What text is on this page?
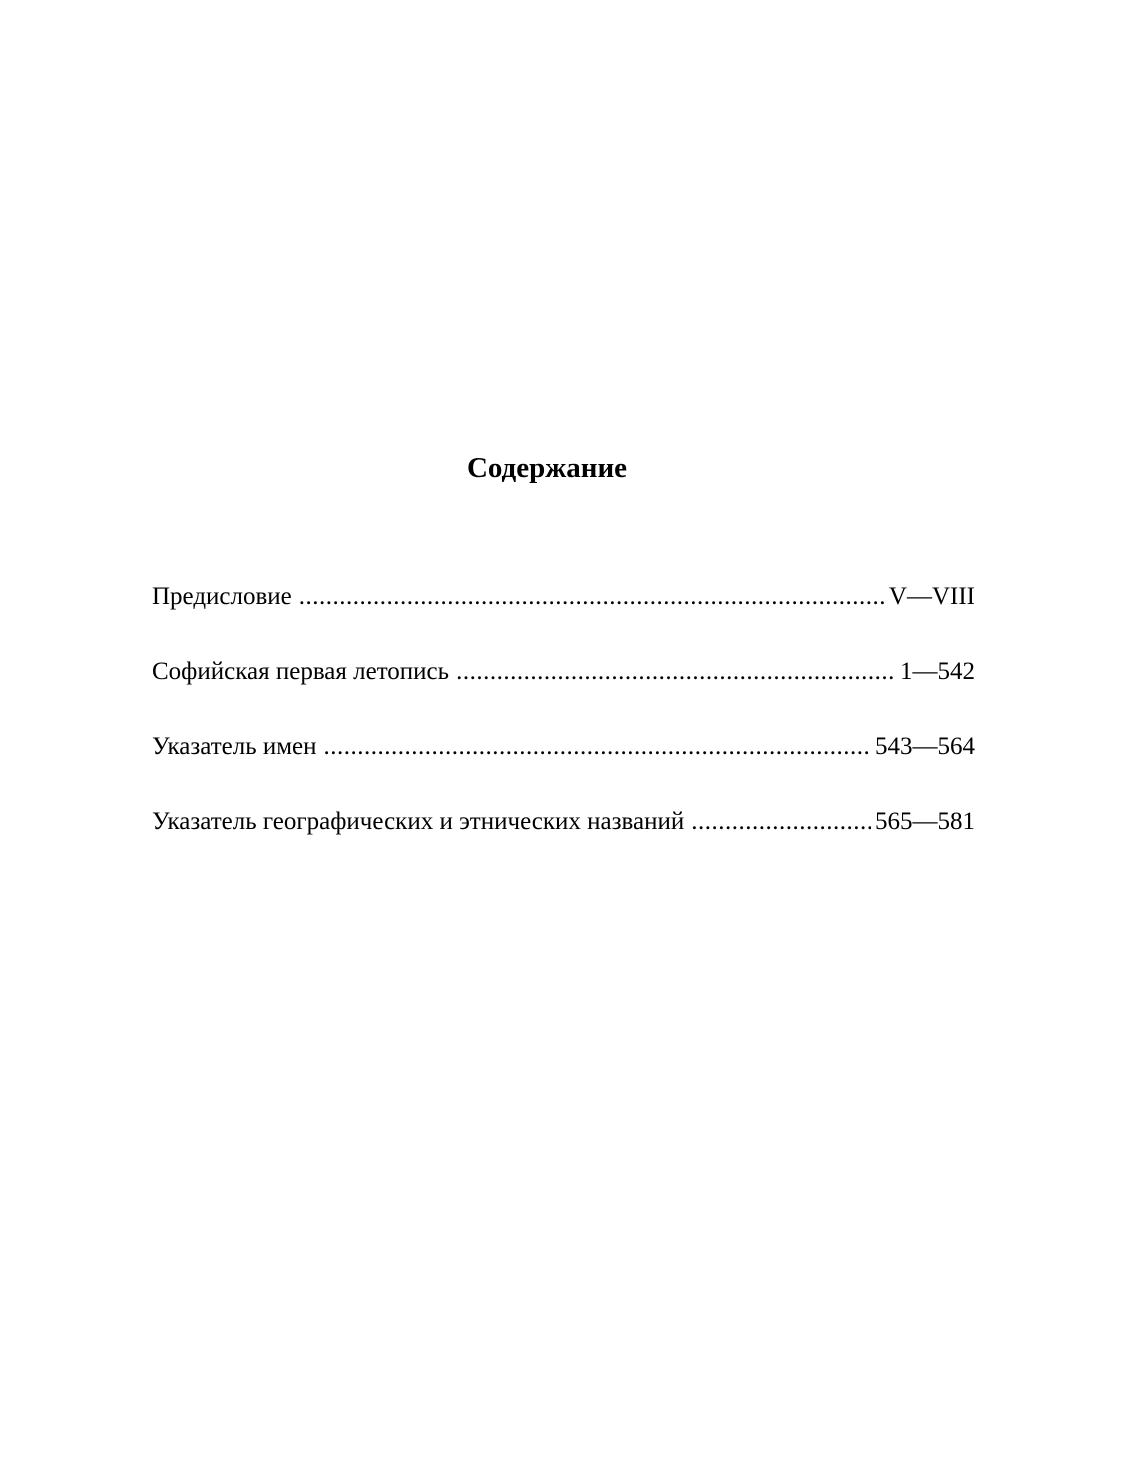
Содержание
Предисловие .....	V—VIII
Софийская первая летопись .....	1—542
Указатель имен .....	543—564
Указатель географических и этнических названий .....	565—581
